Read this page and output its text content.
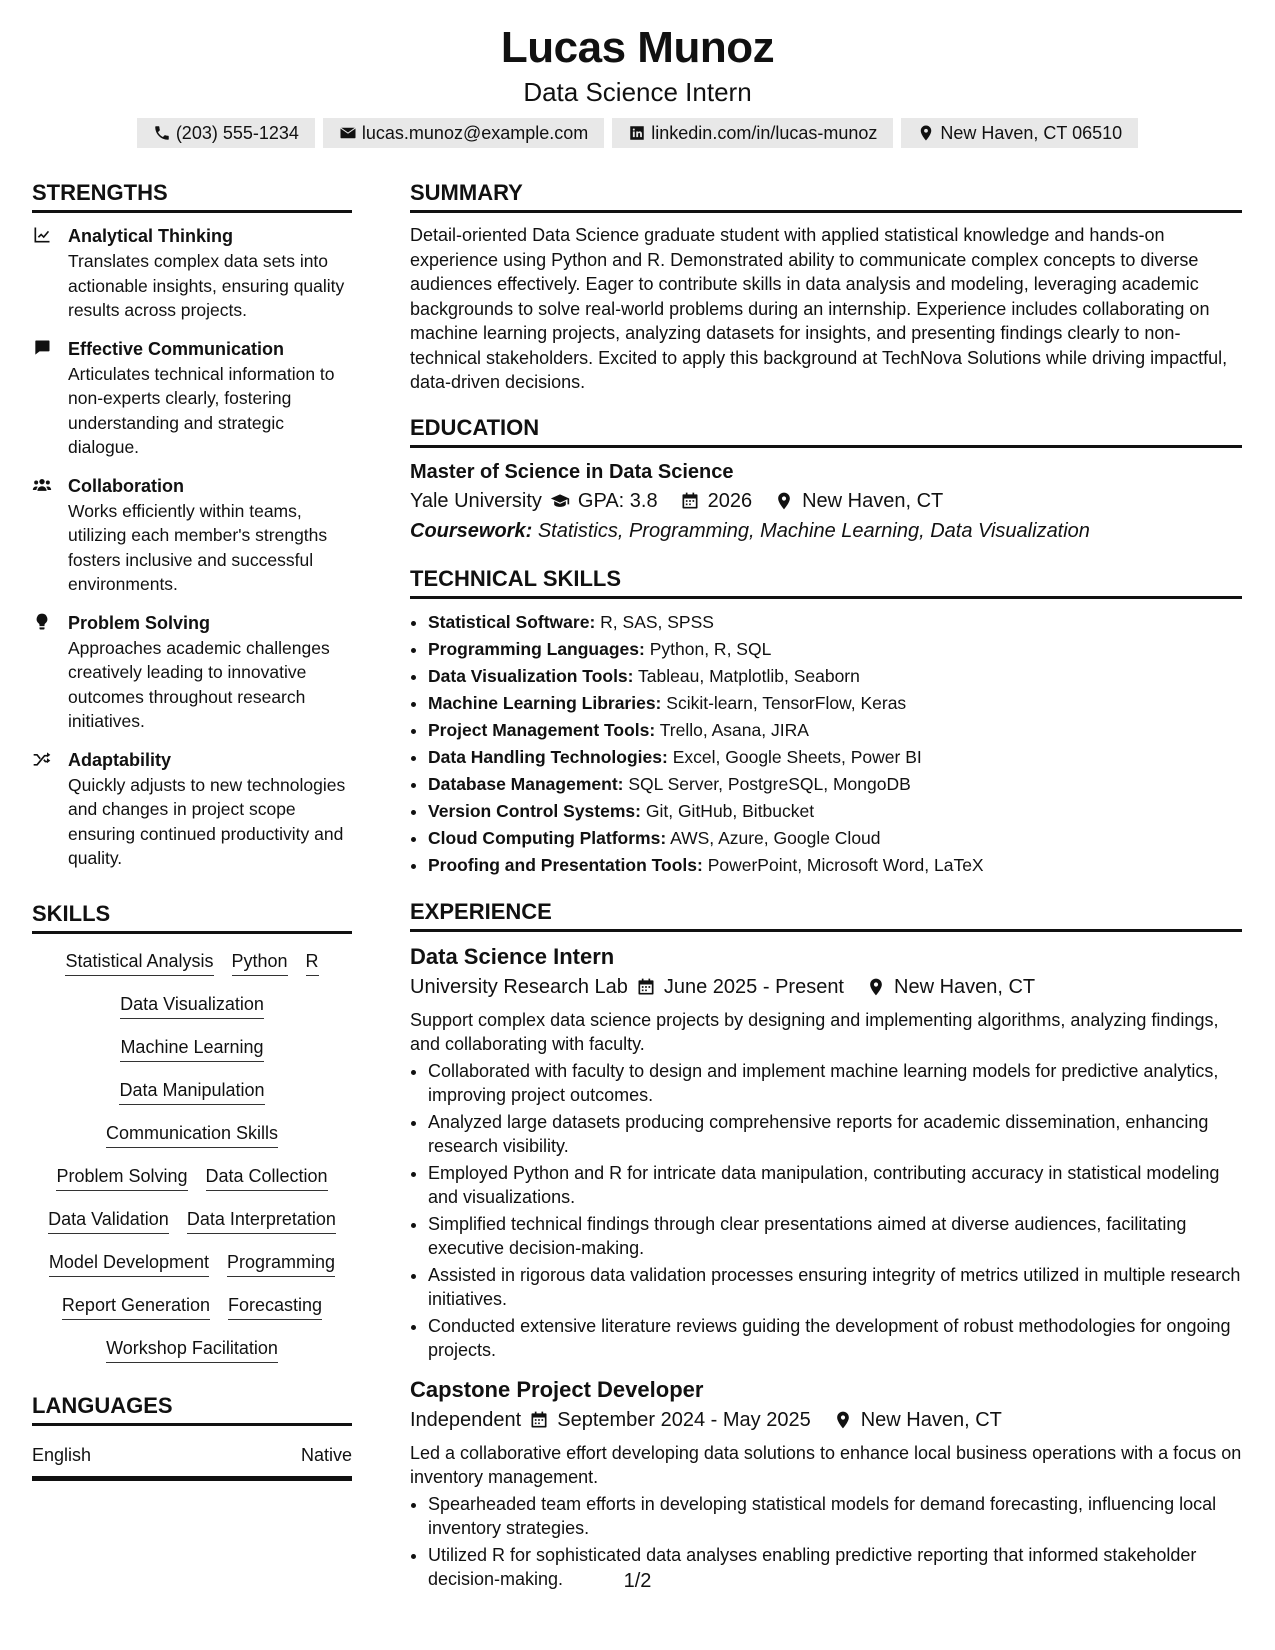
Lucas Munoz
Data Science Intern
(203) 555-1234	lucas.munoz@example.com	linkedin.com/in/lucas-munoz	New Haven, CT 06510
STRENGTHS
Analytical Thinking

Translates complex data sets into actionable insights, ensuring quality results across projects.

Effective Communication

Articulates technical information to non-experts clearly, fostering understanding and strategic dialogue.

Collaboration

Works efficiently within teams, utilizing each member's strengths fosters inclusive and successful environments.

Problem Solving

Approaches academic challenges creatively leading to innovative outcomes throughout research initiatives.

Adaptability

Quickly adjusts to new technologies and changes in project scope ensuring continued productivity and quality.

SKILLS
Statistical Analysis Python R
Data Visualization
Machine Learning
Data Manipulation
Communication Skills
Problem Solving Data Collection
Data Validation Data Interpretation
Model Development Programming
Report Generation Forecasting
Workshop Facilitation
LANGUAGES
English	Native
SUMMARY

Detail-oriented Data Science graduate student with applied statistical knowledge and hands-on experience using Python and R. Demonstrated ability to communicate complex concepts to diverse audiences effectively. Eager to contribute skills in data analysis and modeling, leveraging academic backgrounds to solve real-world problems during an internship. Experience includes collaborating on machine learning projects, analyzing datasets for insights, and presenting findings clearly to non-technical stakeholders. Excited to apply this background at TechNova Solutions while driving impactful, data-driven decisions.

EDUCATION
Master of Science in Data Science
Yale University GPA: 3.8	2026	New Haven, CT
Coursework: Statistics, Programming, Machine Learning, Data Visualization
TECHNICAL SKILLS
• Statistical Software: R, SAS, SPSS
• Programming Languages: Python, R, SQL
• Data Visualization Tools: Tableau, Matplotlib, Seaborn
• Machine Learning Libraries: Scikit-learn, TensorFlow, Keras
• Project Management Tools: Trello, Asana, JIRA
• Data Handling Technologies: Excel, Google Sheets, Power BI
• Database Management: SQL Server, PostgreSQL, MongoDB
• Version Control Systems: Git, GitHub, Bitbucket
• Cloud Computing Platforms: AWS, Azure, Google Cloud
• Proofing and Presentation Tools: PowerPoint, Microsoft Word, LaTeX
EXPERIENCE
Data Science Intern
University Research Lab June 2025 - Present	New Haven, CT

Support complex data science projects by designing and implementing algorithms, analyzing findings, and collaborating with faculty.

• Collaborated with faculty to design and implement machine learning models for predictive analytics, improving project outcomes.
• Analyzed large datasets producing comprehensive reports for academic dissemination, enhancing research visibility.
• Employed Python and R for intricate data manipulation, contributing accuracy in statistical modeling and visualizations.
• Simplified technical findings through clear presentations aimed at diverse audiences, facilitating executive decision-making.
• Assisted in rigorous data validation processes ensuring integrity of metrics utilized in multiple research initiatives.
• Conducted extensive literature reviews guiding the development of robust methodologies for ongoing projects.
Capstone Project Developer
Independent September 2024 - May 2025	New Haven, CT

Led a collaborative effort developing data solutions to enhance local business operations with a focus on inventory management.

• Spearheaded team efforts in developing statistical models for demand forecasting, influencing local inventory strategies.
• Utilized R for sophisticated data analyses enabling predictive reporting that informed stakeholder decision-making.	1/2
